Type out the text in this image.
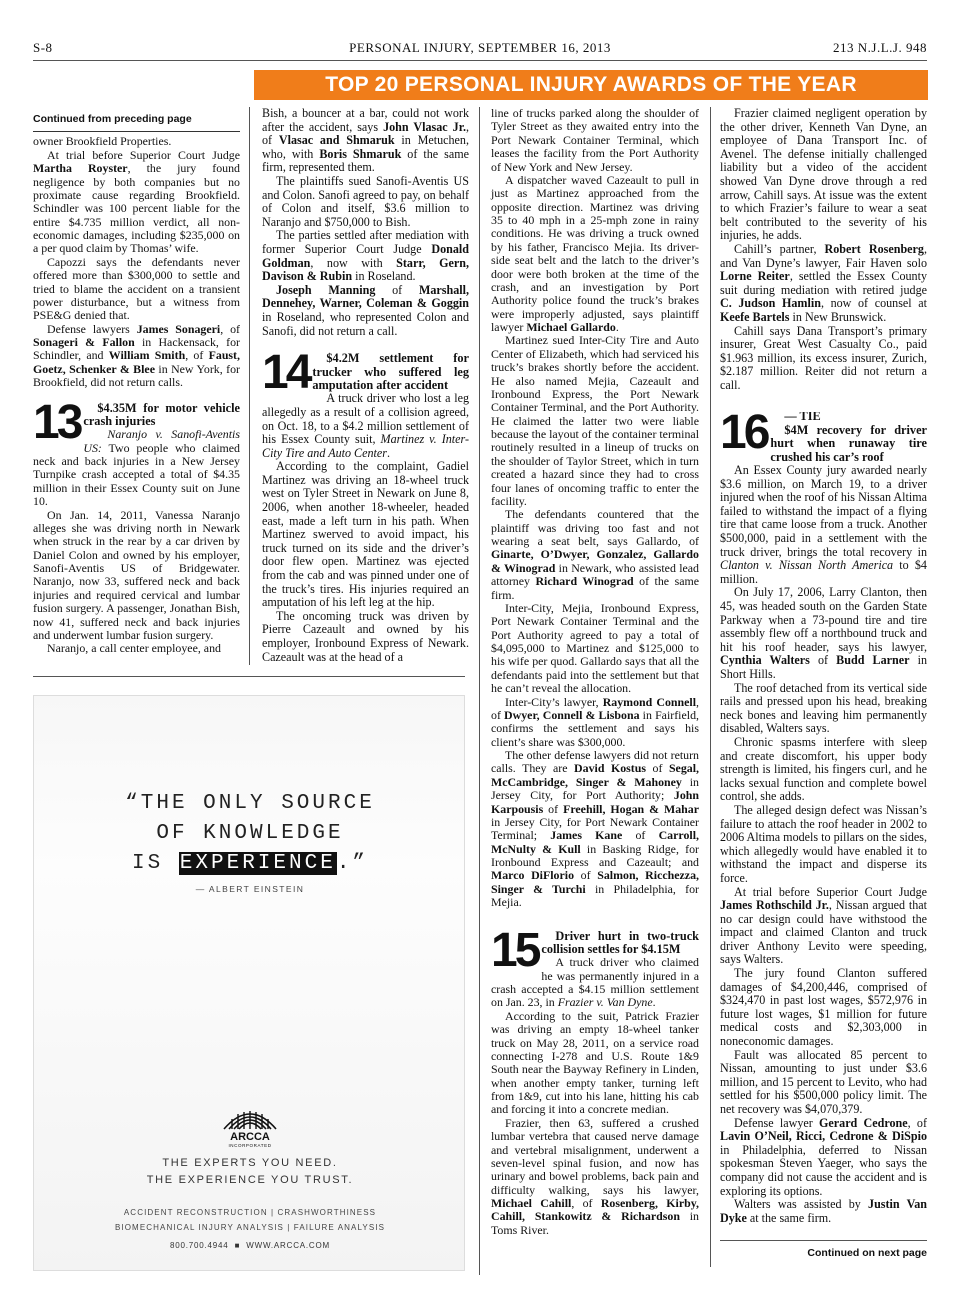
S-8	PERSONAL INJURY, SEPTEMBER 16, 2013	213 N.J.L.J. 948
TOP 20 PERSONAL INJURY AWARDS OF THE YEAR
Continued from preceding page

owner Brookfield Properties.

At trial before Superior Court Judge Martha Royster, the jury found negligence by both companies but no proximate cause regarding Brookfield. Schindler was 100 percent liable for the entire $4.735 million verdict, all non-economic damages, including $235,000 on a per quod claim by Thomas’ wife.

Capozzi says the defendants never offered more than $300,000 to settle and tried to blame the accident on a transient power disturbance, but a witness from PSE&G denied that.

Defense lawyers James Sonageri, of Sonageri & Fallon in Hackensack, for Schindler, and William Smith, of Faust, Goetz, Schenker & Blee in New York, for Brookfield, did not return calls.

13	$4.35M for motor vehicle crash injuries

Naranjo v. Sanofi-Aventis US: Two people who claimed neck and back injuries in a New Jersey Turnpike crash accepted a total of $4.35 million in their Essex County suit on June 10.

On Jan. 14, 2011, Vanessa Naranjo alleges she was driving north in Newark when struck in the rear by a car driven by Daniel Colon and owned by his employer, Sanofi-Aventis US of Bridgewater. Naranjo, now 33, suffered neck and back injuries and required cervical and lumbar fusion surgery. A passenger, Jonathan Bish, now 41, suffered neck and back injuries and underwent lumbar fusion surgery.

Naranjo, a call center employee, and

Bish, a bouncer at a bar, could not work after the accident, says John Vlasac Jr., of Vlasac and Shmaruk in Metuchen, who, with Boris Shmaruk of the same firm, represented them.

The plaintiffs sued Sanofi-Aventis US and Colon. Sanofi agreed to pay, on behalf of Colon and itself, $3.6 million to Naranjo and $750,000 to Bish.

The parties settled after mediation with former Superior Court Judge Donald Goldman, now with Starr, Gern, Davison & Rubin in Roseland.

Joseph Manning of Marshall, Dennehey, Warner, Coleman & Goggin in Roseland, who represented Colon and Sanofi, did not return a call.

14	$4.2M settlement for trucker who suffered leg amputation after accident

A truck driver who lost a leg allegedly as a result of a collision agreed, on Oct. 18, to a $4.2 million settlement of his Essex County suit, Martinez v. Inter-City Tire and Auto Center.

According to the complaint, Gadiel Martinez was driving an 18-wheel truck west on Tyler Street in Newark on June 8, 2006, when another 18-wheeler, headed east, made a left turn in his path. When Martinez swerved to avoid impact, his truck turned on its side and the driver’s door flew open. Martinez was ejected from the cab and was pinned under one of the truck’s tires. His injuries required an amputation of his left leg at the hip.

The oncoming truck was driven by Pierre Cazeault and owned by his employer, Ironbound Express of Newark. Cazeault was at the head of a

line of trucks parked along the shoulder of Tyler Street as they awaited entry into the Port Newark Container Terminal, which leases the facility from the Port Authority of New York and New Jersey.

A dispatcher waved Cazeault to pull in just as Martinez approached from the opposite direction. Martinez was driving 35 to 40 mph in a 25-mph zone in rainy conditions. He was driving a truck owned by his father, Francisco Mejia. Its driver-side seat belt and the latch to the driver’s door were both broken at the time of the crash, and an investigation by Port Authority police found the truck’s brakes were improperly adjusted, says plaintiff lawyer Michael Gallardo.

Martinez sued Inter-City Tire and Auto Center of Elizabeth, which had serviced his truck’s brakes shortly before the accident. He also named Mejia, Cazeault and Ironbound Express, the Port Newark Container Terminal, and the Port Authority. He claimed the latter two were liable because the layout of the container terminal routinely resulted in a lineup of trucks on the shoulder of Taylor Street, which in turn created a hazard since they had to cross four lanes of oncoming traffic to enter the facility.

The defendants countered that the plaintiff was driving too fast and not wearing a seat belt, says Gallardo, of Ginarte, O’Dwyer, Gonzalez, Gallardo & Winograd in Newark, who assisted lead attorney Richard Winograd of the same firm.

Inter-City, Mejia, Ironbound Express, Port Newark Container Terminal and the Port Authority agreed to pay a total of $4,095,000 to Martinez and $125,000 to his wife per quod. Gallardo says that all the defendants paid into the settlement but that he can’t reveal the allocation.

Inter-City’s lawyer, Raymond Connell, of Dwyer, Connell & Lisbona in Fairfield, confirms the settlement and says his client’s share was $300,000.

The other defense lawyers did not return calls. They are David Kostus of Segal, McCambridge, Singer & Mahoney in Jersey City, for Port Authority; John Karpousis of Freehill, Hogan & Mahar in Jersey City, for Port Newark Container Terminal; James Kane of Carroll, McNulty & Kull in Basking Ridge, for Ironbound Express and Cazeault; and Marco DiFlorio of Salmon, Ricchezza, Singer & Turchi in Philadelphia, for Mejia.

15	Driver hurt in two-truck collision settles for $4.15M

A truck driver who claimed he was permanently injured in a crash accepted a $4.15 million settlement on Jan. 23, in Frazier v. Van Dyne.

According to the suit, Patrick Frazier was driving an empty 18-wheel tanker truck on May 28, 2011, on a service road connecting I-278 and U.S. Route 1&9 South near the Bayway Refinery in Linden, when another empty tanker, turning left from 1&9, cut into his lane, hitting his cab and forcing it into a concrete median.

Frazier, then 63, suffered a crushed lumbar vertebra that caused nerve damage and vertebral misalignment, underwent a seven-level spinal fusion, and now has urinary and bowel problems, back pain and difficulty walking, says his lawyer, Michael Cahill, of Rosenberg, Kirby, Cahill, Stankowitz & Richardson in Toms River.

Frazier claimed negligent operation by the other driver, Kenneth Van Dyne, an employee of Dana Transport Inc. of Avenel. The defense initially challenged liability but a video of the accident showed Van Dyne drove through a red arrow, Cahill says. At issue was the extent to which Frazier’s failure to wear a seat belt contributed to the severity of his injuries, he adds.

Cahill’s partner, Robert Rosenberg, and Van Dyne’s lawyer, Fair Haven solo Lorne Reiter, settled the Essex County suit during mediation with retired judge C. Judson Hamlin, now of counsel at Keefe Bartels in New Brunswick.

Cahill says Dana Transport’s primary insurer, Great West Casualty Co., paid $1.963 million, its excess insurer, Zurich, $2.187 million. Reiter did not return a call.

16	— TIE

$4M recovery for driver hurt when runaway tire crushed his car’s roof

An Essex County jury awarded nearly $3.6 million, on March 19, to a driver injured when the roof of his Nissan Altima failed to withstand the impact of a flying tire that came loose from a truck. Another $500,000, paid in a settlement with the truck driver, brings the total recovery in Clanton v. Nissan North America to $4 million.

On July 17, 2006, Larry Clanton, then 45, was headed south on the Garden State Parkway when a 73-pound tire and tire assembly flew off a northbound truck and hit his roof header, says his lawyer, Cynthia Walters of Budd Larner in Short Hills.

The roof detached from its vertical side rails and pressed upon his head, breaking neck bones and leaving him permanently disabled, Walters says.

Chronic spasms interfere with sleep and create discomfort, his upper body strength is limited, his fingers curl, and he lacks sexual function and complete bowel control, she adds.

The alleged design defect was Nissan’s failure to attach the roof header in 2002 to 2006 Altima models to pillars on the sides, which allegedly would have enabled it to withstand the impact and disperse its force.

At trial before Superior Court Judge James Rothschild Jr., Nissan argued that no car design could have withstood the impact and claimed Clanton and truck driver Anthony Levito were speeding, says Walters.

The jury found Clanton suffered damages of $4,200,446, comprised of $324,470 in past lost wages, $572,976 in future lost wages, $1 million for future medical costs and $2,303,000 in noneconomic damages.

Fault was allocated 85 percent to Nissan, amounting to just under $3.6 million, and 15 percent to Levito, who had settled for his $500,000 policy limit. The net recovery was $4,070,379.

Defense lawyer Gerard Cedrone, of Lavin O’Neil, Ricci, Cedrone & DiSpio in Philadelphia, deferred to Nissan spokesman Steven Yaeger, who says the company did not cause the accident and is exploring its options.

Walters was assisted by Justin Van Dyke at the same firm.

Continued on next page
“THE ONLY SOURCE
OF KNOWLEDGE
IS EXPERIENCE.”
— ALBERT EINSTEIN
ARCCA
INCORPORATED
THE EXPERTS YOU NEED.
THE EXPERIENCE YOU TRUST.
ACCIDENT RECONSTRUCTION | CRASHWORTHINESS
BIOMECHANICAL INJURY ANALYSIS | FAILURE ANALYSIS
800.700.4944 ■ WWW.ARCCA.COM
